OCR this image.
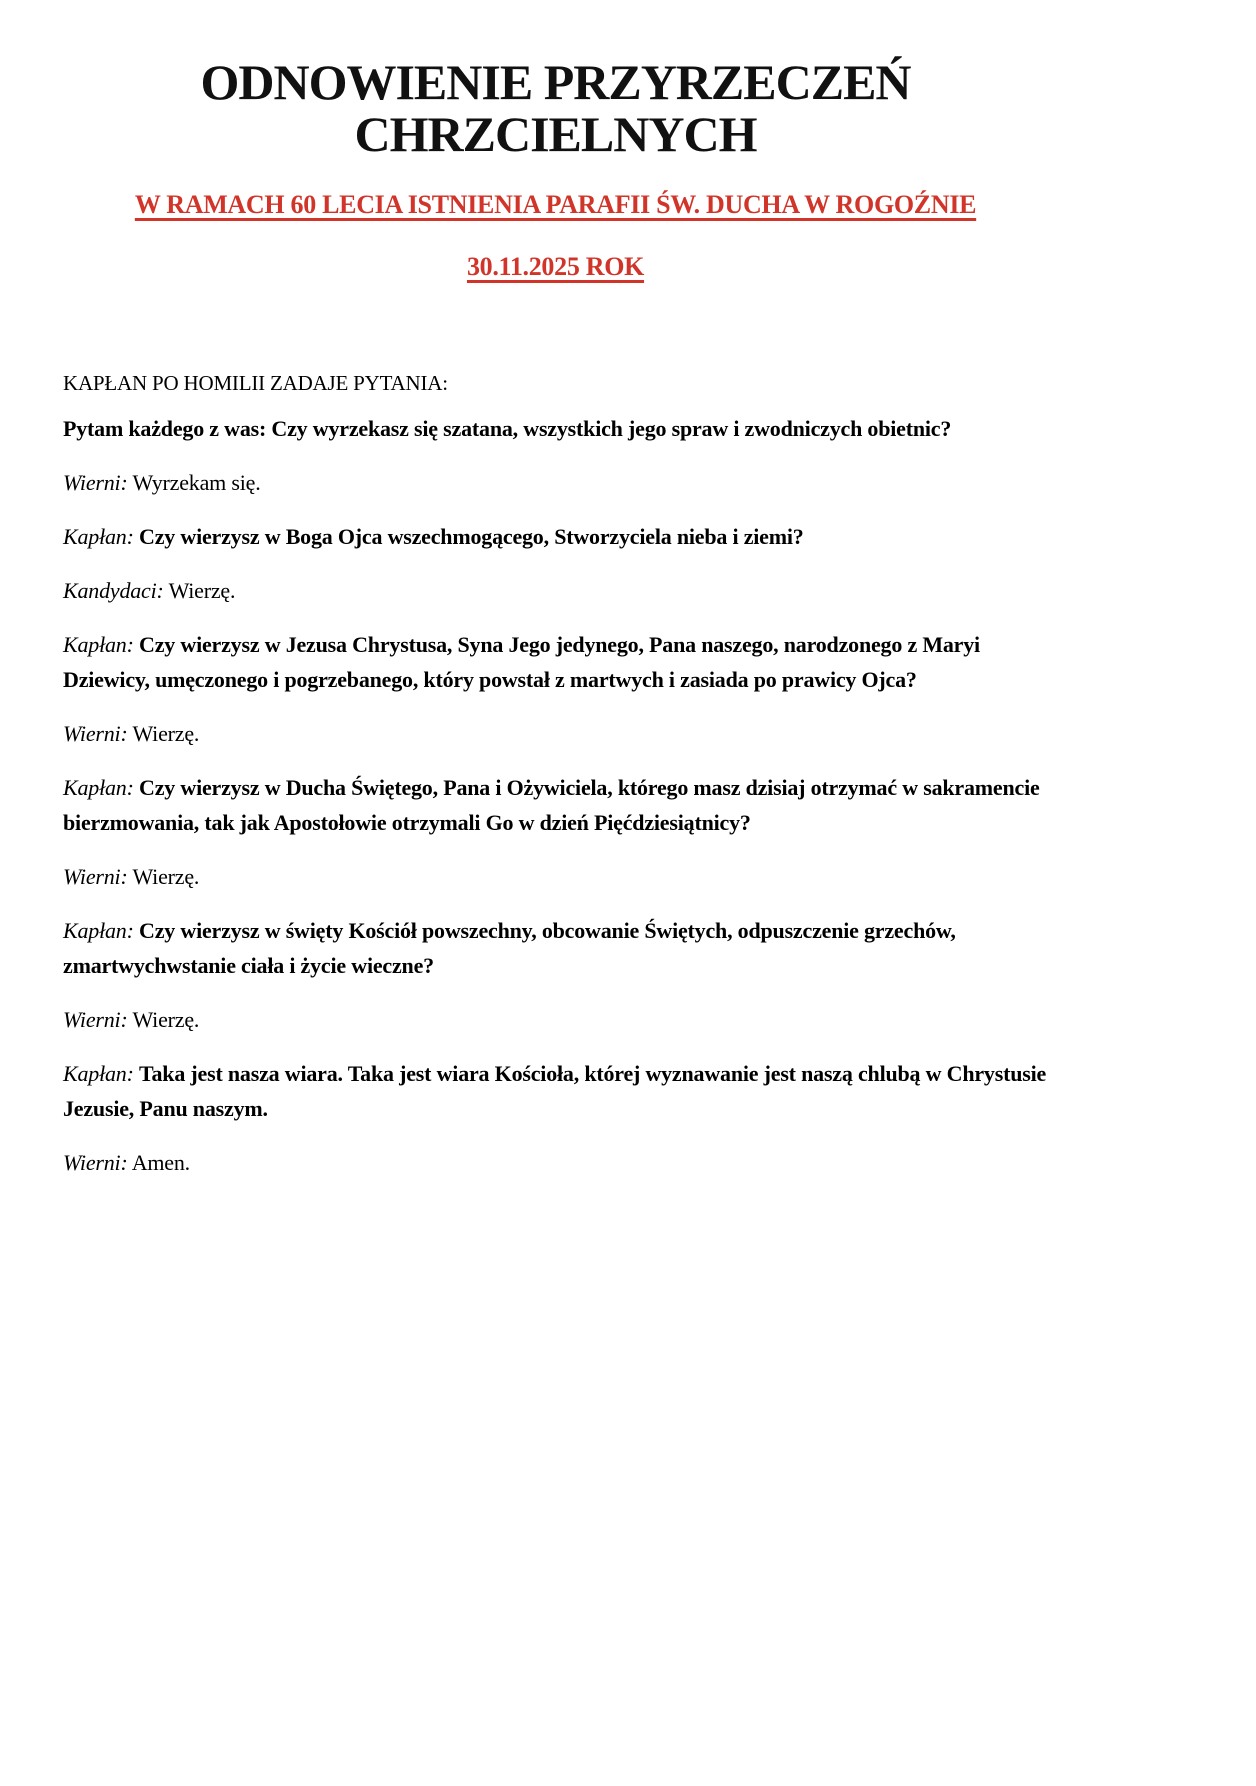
ODNOWIENIE PRZYRZECZEŃ
CHRZCIELNYCH
W RAMACH 60 LECIA ISTNIENIA PARAFII ŚW. DUCHA W ROGOŹNIE
30.11.2025 ROK

KAPŁAN PO HOMILII ZADAJE PYTANIA:

Pytam każdego z was: Czy wyrzekasz się szatana, wszystkich jego spraw i zwodniczych obietnic?

Wierni: Wyrzekam się.

Kapłan: Czy wierzysz w Boga Ojca wszechmogącego, Stworzyciela nieba i ziemi?

Kandydaci: Wierzę.

Kapłan: Czy wierzysz w Jezusa Chrystusa, Syna Jego jedynego, Pana naszego, narodzonego z Maryi Dziewicy, umęczonego i pogrzebanego, który powstał z martwych i zasiada po prawicy Ojca?

Wierni: Wierzę.

Kapłan: Czy wierzysz w Ducha Świętego, Pana i Ożywiciela, którego masz dzisiaj otrzymać w sakramencie bierzmowania, tak jak Apostołowie otrzymali Go w dzień Pięćdziesiątnicy?

Wierni: Wierzę.

Kapłan: Czy wierzysz w święty Kościół powszechny, obcowanie Świętych, odpuszczenie grzechów, zmartwychwstanie ciała i życie wieczne?

Wierni: Wierzę.

Kapłan: Taka jest nasza wiara. Taka jest wiara Kościoła, której wyznawanie jest naszą chlubą w Chrystusie Jezusie, Panu naszym.

Wierni: Amen.
